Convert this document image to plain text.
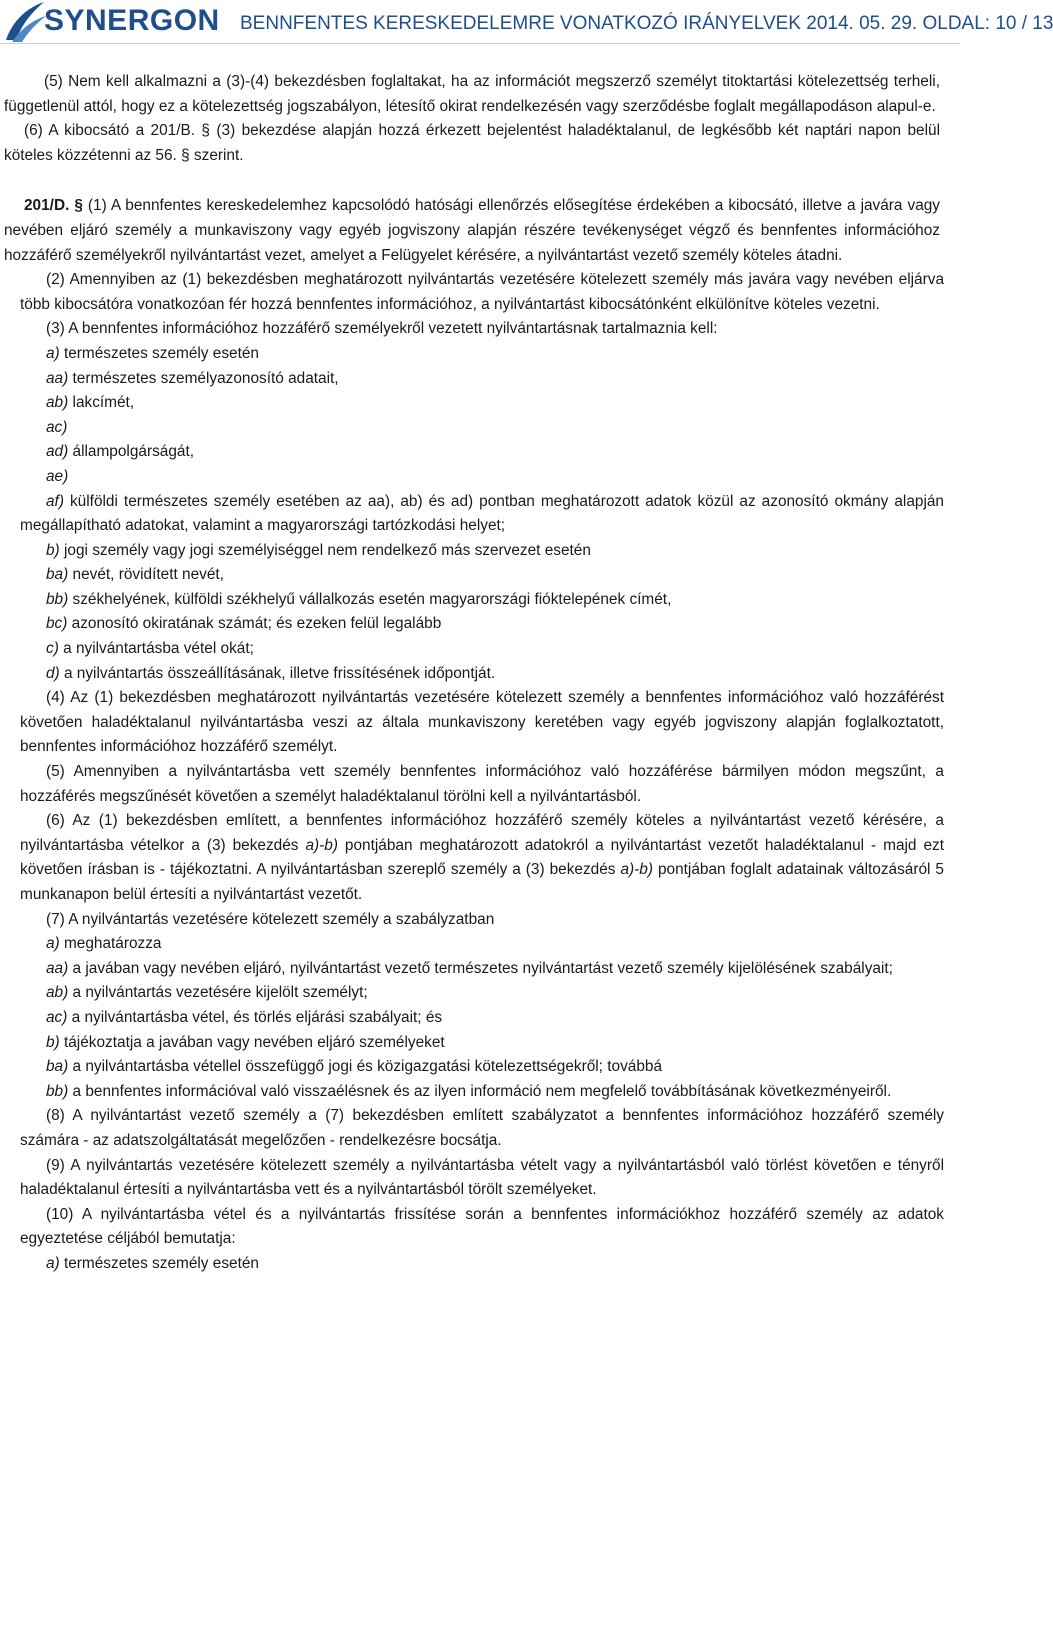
SYNERGON BENNFENTES KERESKEDELEMRE VONATKOZÓ IRÁNYELVEK 2014. 05. 29. OLDAL: 10 / 13

(5) Nem kell alkalmazni a (3)-(4) bekezdésben foglaltakat, ha az információt megszerző személyt titoktartási kötelezettség terheli, függetlenül attól, hogy ez a kötelezettség jogszabályon, létesítő okirat rendelkezésén vagy szerződésbe foglalt megállapodáson alapul-e.

(6) A kibocsátó a 201/B. § (3) bekezdése alapján hozzá érkezett bejelentést haladéktalanul, de legkésőbb két naptári napon belül köteles közzétenni az 56. § szerint.

201/D. § (1) A bennfentes kereskedelemhez kapcsolódó hatósági ellenőrzés elősegítése érdekében a kibocsátó, illetve a javára vagy nevében eljáró személy a munkaviszony vagy egyéb jogviszony alapján részére tevékenységet végző és bennfentes információhoz hozzáférő személyekről nyilvántartást vezet, amelyet a Felügyelet kérésére, a nyilvántartást vezető személy köteles átadni.

(2) Amennyiben az (1) bekezdésben meghatározott nyilvántartás vezetésére kötelezett személy más javára vagy nevében eljárva több kibocsátóra vonatkozóan fér hozzá bennfentes információhoz, a nyilvántartást kibocsátónként elkülönítve köteles vezetni.

(3) A bennfentes információhoz hozzáférő személyekről vezetett nyilvántartásnak tartalmaznia kell:

a) természetes személy esetén

aa) természetes személyazonosító adatait,

ab) lakcímét,

ac)

ad) állampolgárságát,

ae)

af) külföldi természetes személy esetében az aa), ab) és ad) pontban meghatározott adatok közül az azonosító okmány alapján megállapítható adatokat, valamint a magyarországi tartózkodási helyet;

b) jogi személy vagy jogi személyiséggel nem rendelkező más szervezet esetén

ba) nevét, rövidített nevét,

bb) székhelyének, külföldi székhelyű vállalkozás esetén magyarországi fióktelepének címét,

bc) azonosító okiratának számát; és ezeken felül legalább

c) a nyilvántartásba vétel okát;

d) a nyilvántartás összeállításának, illetve frissítésének időpontját.

(4) Az (1) bekezdésben meghatározott nyilvántartás vezetésére kötelezett személy a bennfentes információhoz való hozzáférést követően haladéktalanul nyilvántartásba veszi az általa munkaviszony keretében vagy egyéb jogviszony alapján foglalkoztatott, bennfentes információhoz hozzáférő személyt.

(5) Amennyiben a nyilvántartásba vett személy bennfentes információhoz való hozzáférése bármilyen módon megszűnt, a hozzáférés megszűnését követően a személyt haladéktalanul törölni kell a nyilvántartásból.

(6) Az (1) bekezdésben említett, a bennfentes információhoz hozzáférő személy köteles a nyilvántartást vezető kérésére, a nyilvántartásba vételkor a (3) bekezdés a)-b) pontjában meghatározott adatokról a nyilvántartást vezetőt haladéktalanul - majd ezt követően írásban is - tájékoztatni. A nyilvántartásban szereplő személy a (3) bekezdés a)-b) pontjában foglalt adatainak változásáról 5 munkanapon belül értesíti a nyilvántartást vezetőt.

(7) A nyilvántartás vezetésére kötelezett személy a szabályzatban

a) meghatározza

aa) a javában vagy nevében eljáró, nyilvántartást vezető természetes nyilvántartást vezető személy kijelölésének szabályait;

ab) a nyilvántartás vezetésére kijelölt személyt;

ac) a nyilvántartásba vétel, és törlés eljárási szabályait; és

b) tájékoztatja a javában vagy nevében eljáró személyeket

ba) a nyilvántartásba vétellel összefüggő jogi és közigazgatási kötelezettségekről; továbbá

bb) a bennfentes információval való visszaélésnek és az ilyen információ nem megfelelő továbbításának következményeiről.

(8) A nyilvántartást vezető személy a (7) bekezdésben említett szabályzatot a bennfentes információhoz hozzáférő személy számára - az adatszolgáltatását megelőzően - rendelkezésre bocsátja.

(9) A nyilvántartás vezetésére kötelezett személy a nyilvántartásba vételt vagy a nyilvántartásból való törlést követően e tényről haladéktalanul értesíti a nyilvántartásba vett és a nyilvántartásból törölt személyeket.

(10) A nyilvántartásba vétel és a nyilvántartás frissítése során a bennfentes információkhoz hozzáférő személy az adatok egyeztetése céljából bemutatja:

a) természetes személy esetén
